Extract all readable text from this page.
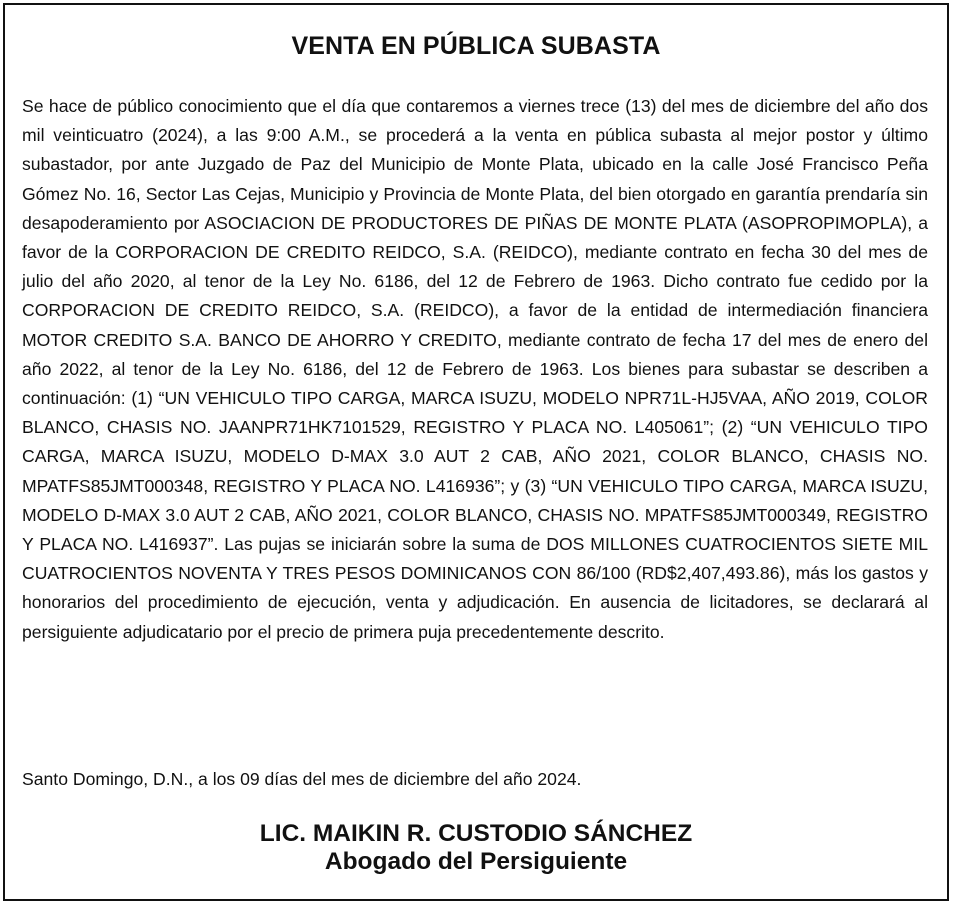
VENTA EN PÚBLICA SUBASTA

Se hace de público conocimiento que el día que contaremos a viernes trece (13) del mes de diciembre del año dos mil veinticuatro (2024), a las 9:00 A.M., se procederá a la venta en pública subasta al mejor postor y último subastador, por ante Juzgado de Paz del Municipio de Monte Plata, ubicado en la calle José Francisco Peña Gómez No. 16, Sector Las Cejas, Municipio y Provincia de Monte Plata, del bien otorgado en garantía prendaría sin desapoderamiento por ASOCIACION DE PRODUCTORES DE PIÑAS DE MONTE PLATA (ASOPROPIMOPLA), a favor de la CORPORACION DE CREDITO REIDCO, S.A. (REIDCO), mediante contrato en fecha 30 del mes de julio del año 2020, al tenor de la Ley No. 6186, del 12 de Febrero de 1963. Dicho contrato fue cedido por la CORPORACION DE CREDITO REIDCO, S.A. (REIDCO), a favor de la entidad de intermediación financiera MOTOR CREDITO S.A. BANCO DE AHORRO Y CREDITO, mediante contrato de fecha 17 del mes de enero del año 2022, al tenor de la Ley No. 6186, del 12 de Febrero de 1963. Los bienes para subastar se describen a continuación: (1) “UN VEHICULO TIPO CARGA, MARCA ISUZU, MODELO NPR71L-HJ5VAA, AÑO 2019, COLOR BLANCO, CHASIS NO. JAANPR71HK7101529, REGISTRO Y PLACA NO. L405061”; (2) “UN VEHICULO TIPO CARGA, MARCA ISUZU, MODELO D-MAX 3.0 AUT 2 CAB, AÑO 2021, COLOR BLANCO, CHASIS NO. MPATFS85JMT000348, REGISTRO Y PLACA NO. L416936”; y (3) “UN VEHICULO TIPO CARGA, MARCA ISUZU, MODELO D-MAX 3.0 AUT 2 CAB, AÑO 2021, COLOR BLANCO, CHASIS NO. MPATFS85JMT000349, REGISTRO Y PLACA NO. L416937”. Las pujas se iniciarán sobre la suma de DOS MILLONES CUATROCIENTOS SIETE MIL CUATROCIENTOS NOVENTA Y TRES PESOS DOMINICANOS CON 86/100 (RD$2,407,493.86), más los gastos y honorarios del procedimiento de ejecución, venta y adjudicación. En ausencia de licitadores, se declarará al persiguiente adjudicatario por el precio de primera puja precedentemente descrito.

Santo Domingo, D.N., a los 09 días del mes de diciembre del año 2024.

LIC. MAIKIN R. CUSTODIO SÁNCHEZ
Abogado del Persiguiente
